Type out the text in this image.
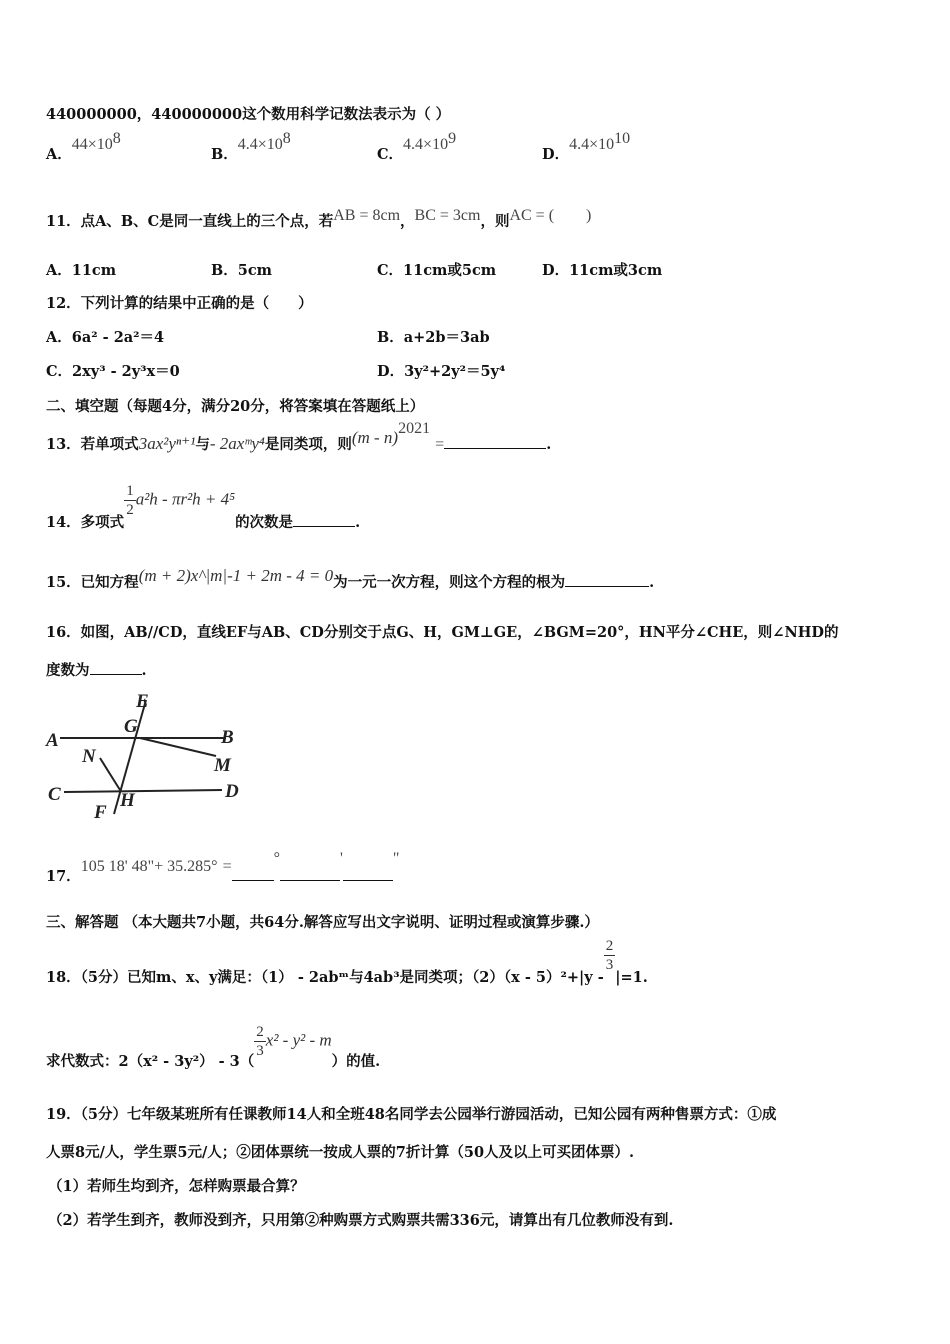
440000000，440000000这个数用科学记数法表示为（ ）
A．$44\times 10^8$
B．$4.4\times 10^8$
C．$4.4\times 10^9$
D．$4.4\times 10^{10}$
11．点A、B、C是同一直线上的三个点，若AB = 8cm，BC = 3cm，则AC = (　　)
A．11cm	B．5cm	C．11cm或5cm	D．11cm或3cm
12．下列计算的结果中正确的是（　　）
A．6a² - 2a²＝4	B．a+2b＝3ab
C．2xy³ - 2y³x＝0	D．3y²+2y²＝5y⁴
二、填空题（每题4分，满分20分，将答案填在答题纸上）
13．若单项式3ax²yⁿ⁺¹与- 2axᵐy⁴是同类项，则(m - n)$^{2021}$ =	.
14．多项式
$\frac{1}{2} a^2h - \pi r^2h + 4^5$的次数是	.
15．已知方程(m + 2)x^|m|-1 + 2m - 4 = 0为一元一次方程，则这个方程的根为	.
16．如图，AB//CD，直线EF与AB、CD分别交于点G、H，GM⊥GE，∠BGM=20°，HN平分∠CHE，则∠NHD的
度数为	.
A	B
C	D
E
F
G
H
M
N
17．105 18' 48"+ 35.285° =	°	'	"
三、解答题 （本大题共7小题，共64分.解答应写出文字说明、证明过程或演算步骤.）
18．（5分）已知m、x、y满足：（1） - 2abᵐ与4ab³是同类项；（2）（x - 5）²+|y -
$\frac{2}{3}$
|=1.
求代数式：2（x² - 3y²） - 3（
$\frac{2}{3} x^2 - y^2 - m$）的值.
19．（5分）七年级某班所有任课教师14人和全班48名同学去公园举行游园活动，已知公园有两种售票方式：①成
人票8元/人，学生票5元/人；②团体票统一按成人票的7折计算（50人及以上可买团体票）.
（1）若师生均到齐，怎样购票最合算？
（2）若学生到齐，教师没到齐，只用第②种购票方式购票共需336元，请算出有几位教师没有到.
